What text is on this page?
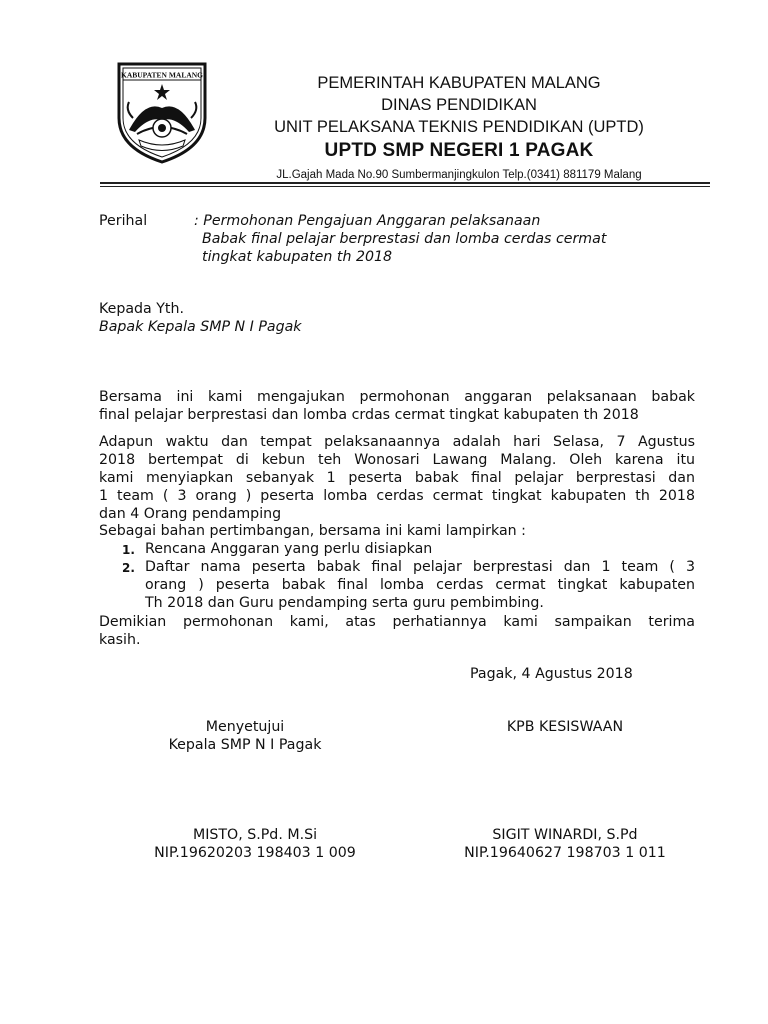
KABUPATEN MALANG	PEMERINTAH KABUPATEN MALANG
DINAS PENDIDIKAN
UNIT PELAKSANA TEKNIS PENDIDIKAN (UPTD)
UPTD SMP NEGERI 1 PAGAK
JL.Gajah Mada No.90 Sumbermanjingkulon Telp.(0341) 881179 Malang
Perihal	: Permohonan Pengajuan Anggaran pelaksanaan
Babak final pelajar berprestasi dan lomba cerdas cermat
tingkat kabupaten th 2018
Kepada Yth.
Bapak Kepala SMP N I Pagak
Bersama ini kami mengajukan permohonan anggaran pelaksanaan babak
final pelajar berprestasi dan lomba crdas cermat tingkat kabupaten th 2018
Adapun waktu dan tempat pelaksanaannya adalah hari Selasa, 7 Agustus
2018 bertempat di kebun teh Wonosari Lawang Malang. Oleh karena itu
kami menyiapkan sebanyak 1 peserta babak final pelajar berprestasi dan
1 team ( 3 orang ) peserta lomba cerdas cermat tingkat kabupaten th 2018
dan 4 Orang pendamping
Sebagai bahan pertimbangan, bersama ini kami lampirkan :
1. Rencana Anggaran yang perlu disiapkan
2. Daftar nama peserta babak final pelajar berprestasi dan 1 team ( 3
orang ) peserta babak final lomba cerdas cermat tingkat kabupaten
Th 2018 dan Guru pendamping serta guru pembimbing.
Demikian permohonan kami, atas perhatiannya kami sampaikan terima
kasih.
Pagak, 4 Agustus 2018
Menyetujui
Kepala SMP N I Pagak
MISTO, S.Pd. M.Si
NIP.19620203 198403 1 009
KPB KESISWAAN
SIGIT WINARDI, S.Pd
NIP.19640627 198703 1 011
